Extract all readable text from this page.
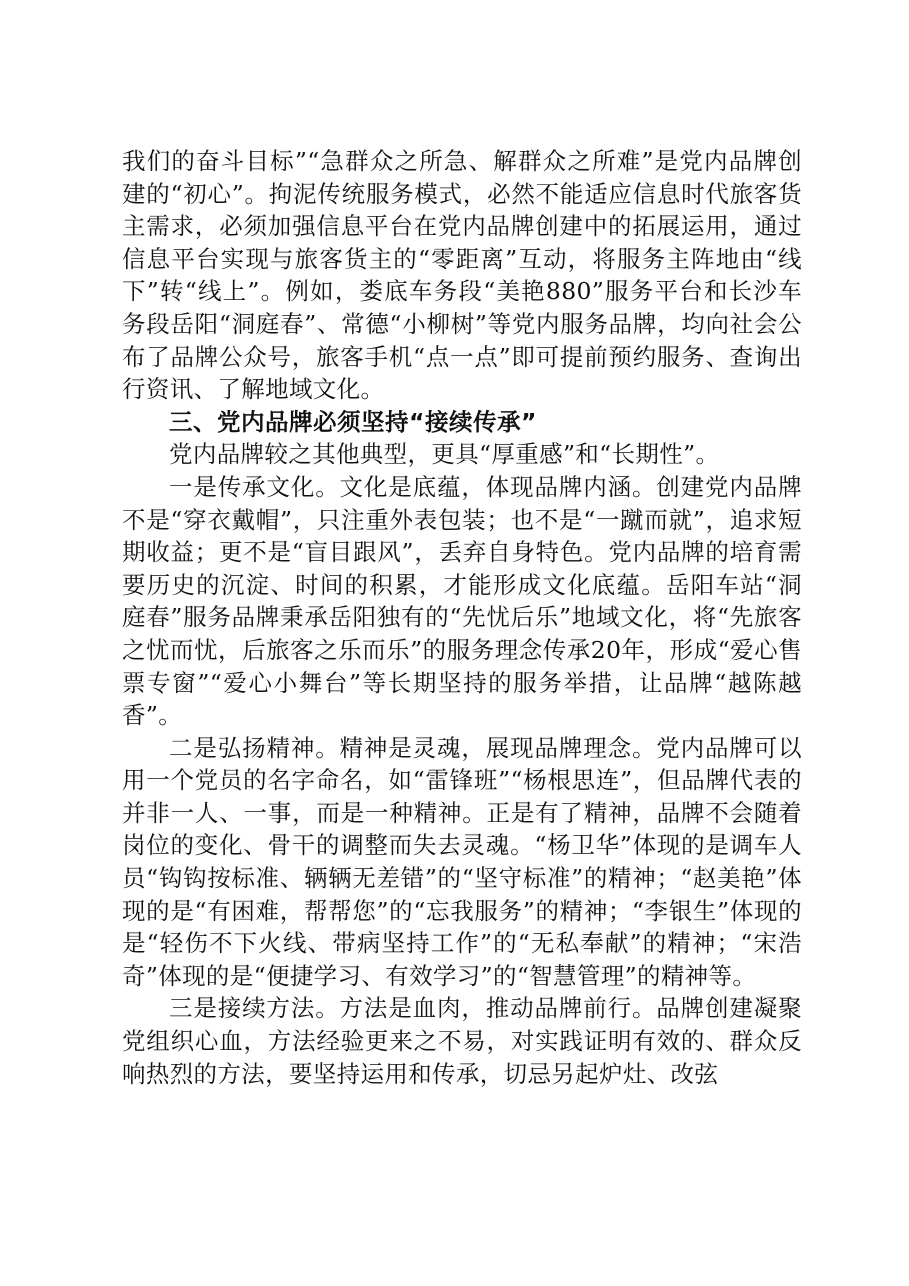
我们的奋斗目标”“急群众之所急、解群众之所难”是党内品牌创建的“初心”。拘泥传统服务模式，必然不能适应信息时代旅客货主需求，必须加强信息平台在党内品牌创建中的拓展运用，通过信息平台实现与旅客货主的“零距离”互动，将服务主阵地由“线下”转“线上”。例如，娄底车务段“美艳880”服务平台和长沙车务段岳阳“洞庭春”、常德“小柳树”等党内服务品牌，均向社会公布了品牌公众号，旅客手机“点一点”即可提前预约服务、查询出行资讯、了解地域文化。

三、党内品牌必须坚持“接续传承”

党内品牌较之其他典型，更具“厚重感”和“长期性”。

一是传承文化。文化是底蕴，体现品牌内涵。创建党内品牌不是“穿衣戴帽”，只注重外表包装；也不是“一蹴而就”，追求短期收益；更不是“盲目跟风”，丢弃自身特色。党内品牌的培育需要历史的沉淀、时间的积累，才能形成文化底蕴。岳阳车站“洞庭春”服务品牌秉承岳阳独有的“先忧后乐”地域文化，将“先旅客之忧而忧，后旅客之乐而乐”的服务理念传承20年，形成“爱心售票专窗”“爱心小舞台”等长期坚持的服务举措，让品牌“越陈越香”。

二是弘扬精神。精神是灵魂，展现品牌理念。党内品牌可以用一个党员的名字命名，如“雷锋班”“杨根思连”，但品牌代表的并非一人、一事，而是一种精神。正是有了精神，品牌不会随着岗位的变化、骨干的调整而失去灵魂。“杨卫华”体现的是调车人员“钩钩按标准、辆辆无差错”的“坚守标准”的精神；“赵美艳”体现的是“有困难，帮帮您”的“忘我服务”的精神；“李银生”体现的是“轻伤不下火线、带病坚持工作”的“无私奉献”的精神；“宋浩奇”体现的是“便捷学习、有效学习”的“智慧管理”的精神等。

三是接续方法。方法是血肉，推动品牌前行。品牌创建凝聚党组织心血，方法经验更来之不易，对实践证明有效的、群众反响热烈的方法，要坚持运用和传承，切忌另起炉灶、改弦
